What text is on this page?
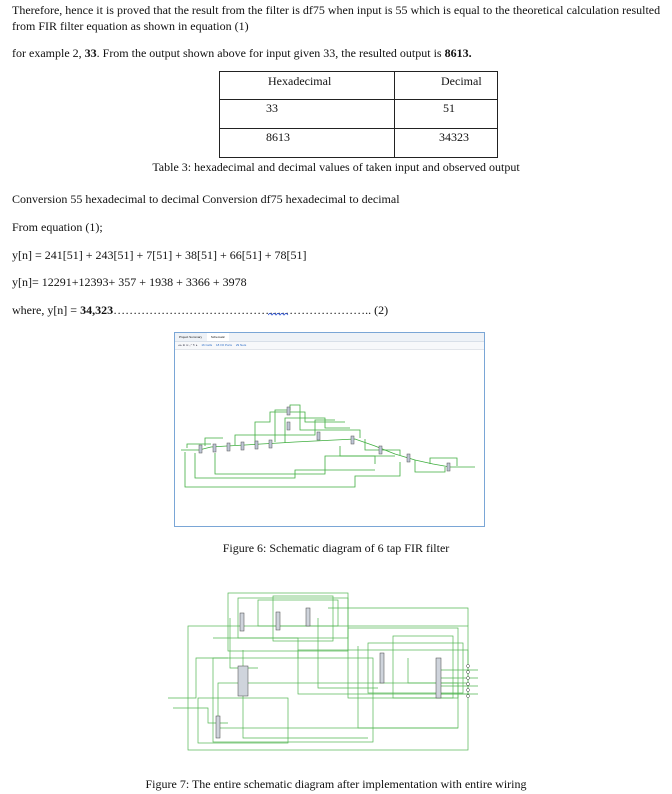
Therefore, hence it is proved that the result from the filter is df75 when input is 55 which is equal to the theoretical calculation resulted

from FIR filter equation as shown in equation (1)

for example 2, 33. From the output shown above for input given 33, the resulted output is 8613.

Hexadecimal	Decimal
33	51
8613	34323

Table 3: hexadecimal and decimal values of taken input and observed output

Conversion 55 hexadecimal to decimal Conversion df75 hexadecimal to decimal

From equation (1);

y[n] = 241[51] + 243[51] + 7[51] + 38[51] + 66[51] + 78[51]

y[n]= 12291+12393+ 357 + 1938 + 3366 + 3978

where, y[n] = 34,323……………………………………………………….. (2)

Project Summary	Schematic
◂ ▸ ⊕ ⊖ ⤢ ↻ ▸ 16 Cells 18 I/O Ports 29 Nets

Figure 6: Schematic diagram of 6 tap FIR filter

Figure 7: The entire schematic diagram after implementation with entire wiring
